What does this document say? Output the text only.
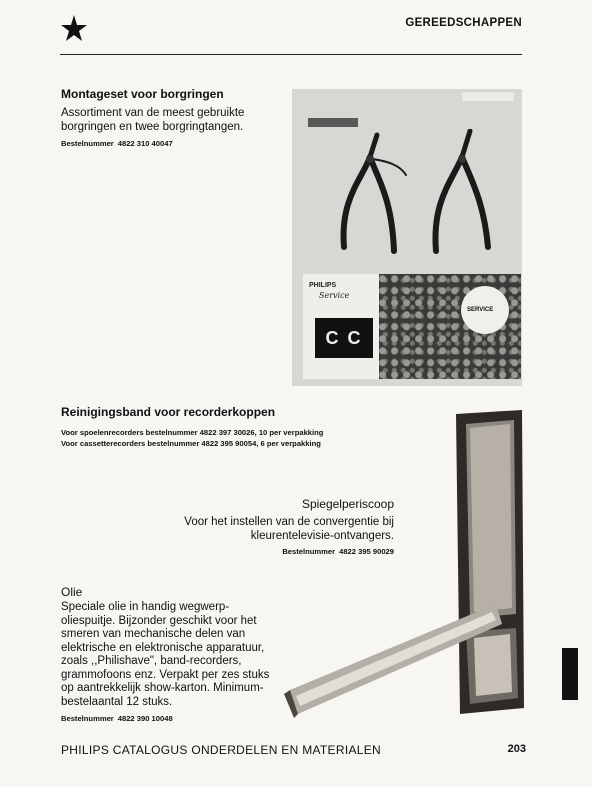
GEREEDSCHAPPEN
Montageset voor borgringen
Assortiment van de meest gebruikte borgringen en twee borgringtangen.
Bestelnummer 4822 310 40047
PHILIPS
Service
C C
SERVICE
Reinigingsband voor recorderkoppen
Voor spoelenrecorders bestelnummer 4822 397 30026, 10 per verpakking
Voor cassetterecorders bestelnummer 4822 395 90054, 6 per verpakking
Spiegelperiscoop
Voor het instellen van de convergentie bij kleurentelevisie-ontvangers.
Bestelnummer 4822 395 90029
Olie
Speciale olie in handig wegwerp-oliespuitje. Bijzonder geschikt voor het smeren van mechanische delen van elektrische en elektronische apparatuur, zoals ,,Philishave", band-recorders, grammofoons enz. Verpakt per zes stuks op aantrekkelijk show-karton. Minimum-bestelaantal 12 stuks.
Bestelnummer 4822 390 10048
PHILIPS CATALOGUS ONDERDELEN EN MATERIALEN	203
